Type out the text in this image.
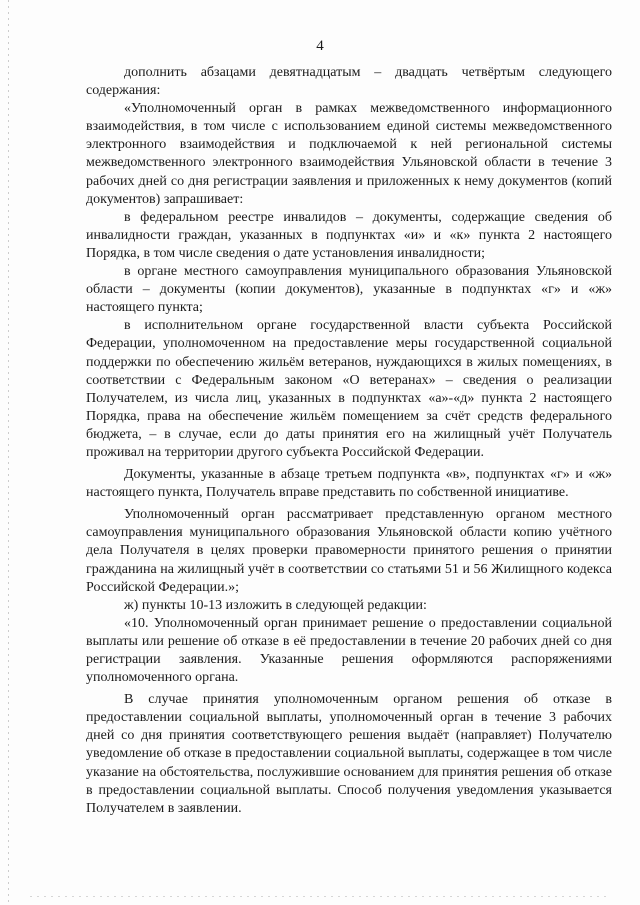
4

дополнить абзацами девятнадцатым – двадцать четвёртым следующего содержания:

«Уполномоченный орган в рамках межведомственного информационного взаимодействия, в том числе с использованием единой системы межведомственного электронного взаимодействия и подключаемой к ней региональной системы межведомственного электронного взаимодействия Ульяновской области в течение 3 рабочих дней со дня регистрации заявления и приложенных к нему документов (копий документов) запрашивает:

в федеральном реестре инвалидов – документы, содержащие сведения об инвалидности граждан, указанных в подпунктах «и» и «к» пункта 2 настоящего Порядка, в том числе сведения о дате установления инвалидности;

в органе местного самоуправления муниципального образования Ульяновской области – документы (копии документов), указанные в подпунктах «г» и «ж» настоящего пункта;

в исполнительном органе государственной власти субъекта Российской Федерации, уполномоченном на предоставление меры государственной социальной поддержки по обеспечению жильём ветеранов, нуждающихся в жилых помещениях, в соответствии с Федеральным законом «О ветеранах» – сведения о реализации Получателем, из числа лиц, указанных в подпунктах «а»-«д» пункта 2 настоящего Порядка, права на обеспечение жильём помещением за счёт средств федерального бюджета, – в случае, если до даты принятия его на жилищный учёт Получатель проживал на территории другого субъекта Российской Федерации.

Документы, указанные в абзаце третьем подпункта «в», подпунктах «г» и «ж» настоящего пункта, Получатель вправе представить по собственной инициативе.

Уполномоченный орган рассматривает представленную органом местного самоуправления муниципального образования Ульяновской области копию учётного дела Получателя в целях проверки правомерности принятого решения о принятии гражданина на жилищный учёт в соответствии со статьями 51 и 56 Жилищного кодекса Российской Федерации.»;

ж) пункты 10-13 изложить в следующей редакции:

«10. Уполномоченный орган принимает решение о предоставлении социальной выплаты или решение об отказе в её предоставлении в течение 20 рабочих дней со дня регистрации заявления. Указанные решения оформляются распоряжениями уполномоченного органа.

В случае принятия уполномоченным органом решения об отказе в предоставлении социальной выплаты, уполномоченный орган в течение 3 рабочих дней со дня принятия соответствующего решения выдаёт (направляет) Получателю уведомление об отказе в предоставлении социальной выплаты, содержащее в том числе указание на обстоятельства, послужившие основанием для принятия решения об отказе в предоставлении социальной выплаты. Способ получения уведомления указывается Получателем в заявлении.
